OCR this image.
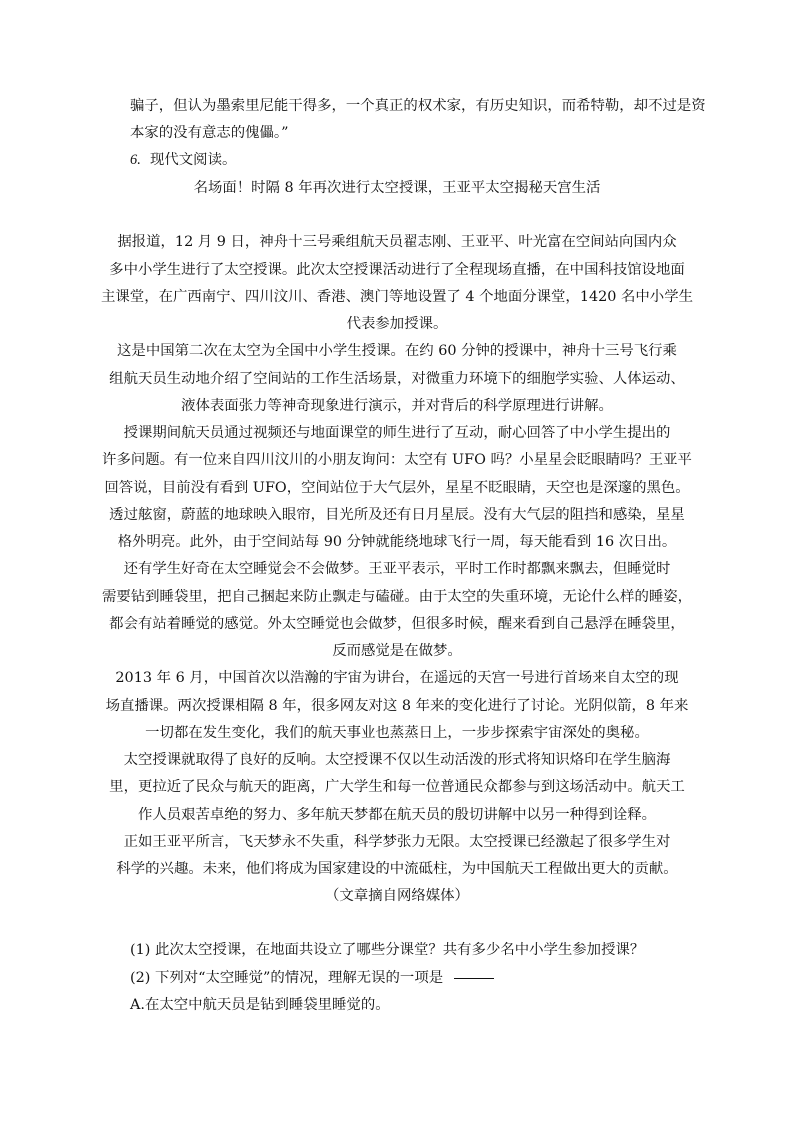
骗子，但认为墨索里尼能干得多，一个真正的权术家，有历史知识，而希特勒，却不过是资
本家的没有意志的傀儡。”
6. 现代文阅读。
名场面！时隔 8 年再次进行太空授课，王亚平太空揭秘天宫生活
据报道，12 月 9 日，神舟十三号乘组航天员翟志刚、王亚平、叶光富在空间站向国内众
多中小学生进行了太空授课。此次太空授课活动进行了全程现场直播，在中国科技馆设地面
主课堂，在广西南宁、四川汶川、香港、澳门等地设置了 4 个地面分课堂，1420 名中小学生
代表参加授课。
这是中国第二次在太空为全国中小学生授课。在约 60 分钟的授课中，神舟十三号飞行乘
组航天员生动地介绍了空间站的工作生活场景，对微重力环境下的细胞学实验、人体运动、
液体表面张力等神奇现象进行演示，并对背后的科学原理进行讲解。
授课期间航天员通过视频还与地面课堂的师生进行了互动，耐心回答了中小学生提出的
许多问题。有一位来自四川汶川的小朋友询问：太空有 UFO 吗？小星星会眨眼睛吗？王亚平
回答说，目前没有看到 UFO，空间站位于大气层外，星星不眨眼睛，天空也是深邃的黑色。
透过舷窗，蔚蓝的地球映入眼帘，目光所及还有日月星辰。没有大气层的阻挡和感染，星星
格外明亮。此外，由于空间站每 90 分钟就能绕地球飞行一周，每天能看到 16 次日出。
还有学生好奇在太空睡觉会不会做梦。王亚平表示，平时工作时都飘来飘去，但睡觉时
需要钻到睡袋里，把自己捆起来防止飘走与磕碰。由于太空的失重环境，无论什么样的睡姿，
都会有站着睡觉的感觉。外太空睡觉也会做梦，但很多时候，醒来看到自己悬浮在睡袋里，
反而感觉是在做梦。
2013 年 6 月，中国首次以浩瀚的宇宙为讲台，在遥远的天宫一号进行首场来自太空的现
场直播课。两次授课相隔 8 年，很多网友对这 8 年来的变化进行了讨论。光阴似箭，8 年来
一切都在发生变化，我们的航天事业也蒸蒸日上，一步步探索宇宙深处的奥秘。
太空授课就取得了良好的反响。太空授课不仅以生动活泼的形式将知识烙印在学生脑海
里，更拉近了民众与航天的距离，广大学生和每一位普通民众都参与到这场活动中。航天工
作人员艰苦卓绝的努力、多年航天梦都在航天员的殷切讲解中以另一种得到诠释。
正如王亚平所言，飞天梦永不失重，科学梦张力无限。太空授课已经激起了很多学生对
科学的兴趣。未来，他们将成为国家建设的中流砥柱，为中国航天工程做出更大的贡献。
（文章摘自网络媒体）
(1) 此次太空授课，在地面共设立了哪些分课堂？共有多少名中小学生参加授课？
(2) 下列对“太空睡觉”的情况，理解无误的一项是
A.在太空中航天员是钻到睡袋里睡觉的。
